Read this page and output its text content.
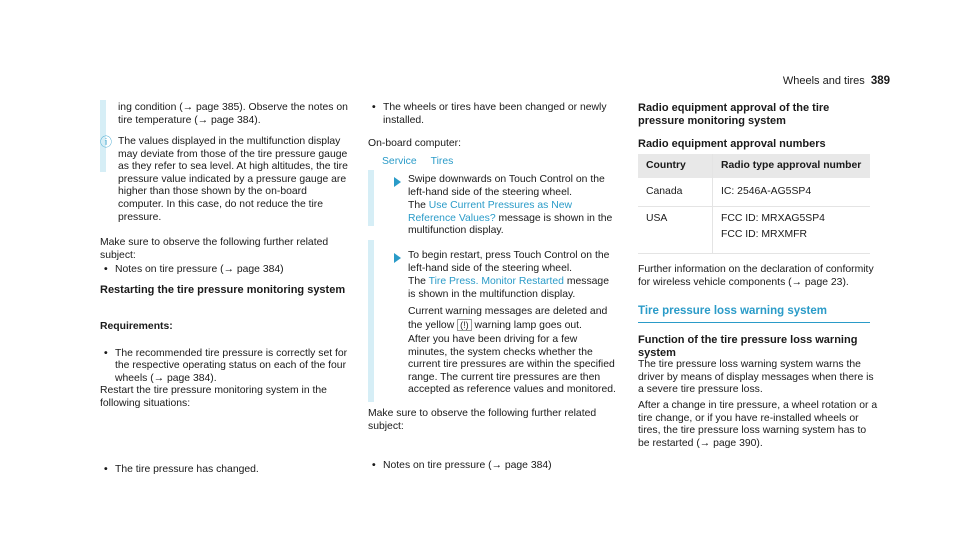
Wheels and tires 389

ing condition (→ page 385). Observe the notes on tire temperature (→ page 384).

ⓘ The values displayed in the multifunction display may deviate from those of the tire pressure gauge as they refer to sea level. At high altitudes, the tire pressure value indicated by a pressure gauge are higher than those shown by the on-board computer. In this case, do not reduce the tire pressure.

Make sure to observe the following further related subject:

• Notes on tire pressure (→ page 384)

Restarting the tire pressure monitoring system

Requirements:

• The recommended tire pressure is correctly set for the respective operating status on each of the four wheels (→ page 384).

Restart the tire pressure monitoring system in the following situations:

• The tire pressure has changed.
• The wheels or tires have been changed or newly installed.

On-board computer:

Service Tires

Swipe downwards on Touch Control on the left-hand side of the steering wheel.

The Use Current Pressures as New Reference Values? message is shown in the multifunction display.

To begin restart, press Touch Control on the left-hand side of the steering wheel.

The Tire Press. Monitor Restarted message is shown in the multifunction display.

Current warning messages are deleted and the yellow (!) warning lamp goes out.

After you have been driving for a few minutes, the system checks whether the current tire pressures are within the specified range. The current tire pressures are then accepted as reference values and monitored.

Make sure to observe the following further related subject:

• Notes on tire pressure (→ page 384)

Radio equipment approval of the tire pressure monitoring system

Radio equipment approval numbers

Country	Radio type approval number
Canada	IC: 2546A-AG5SP4
USA	FCC ID: MRXAG5SP4
FCC ID: MRXMFR

Further information on the declaration of conformity for wireless vehicle components (→ page 23).

Tire pressure loss warning system

Function of the tire pressure loss warning system

The tire pressure loss warning system warns the driver by means of display messages when there is a severe tire pressure loss.

After a change in tire pressure, a wheel rotation or a tire change, or if you have re-installed wheels or tires, the tire pressure loss warning system has to be restarted (→ page 390).
